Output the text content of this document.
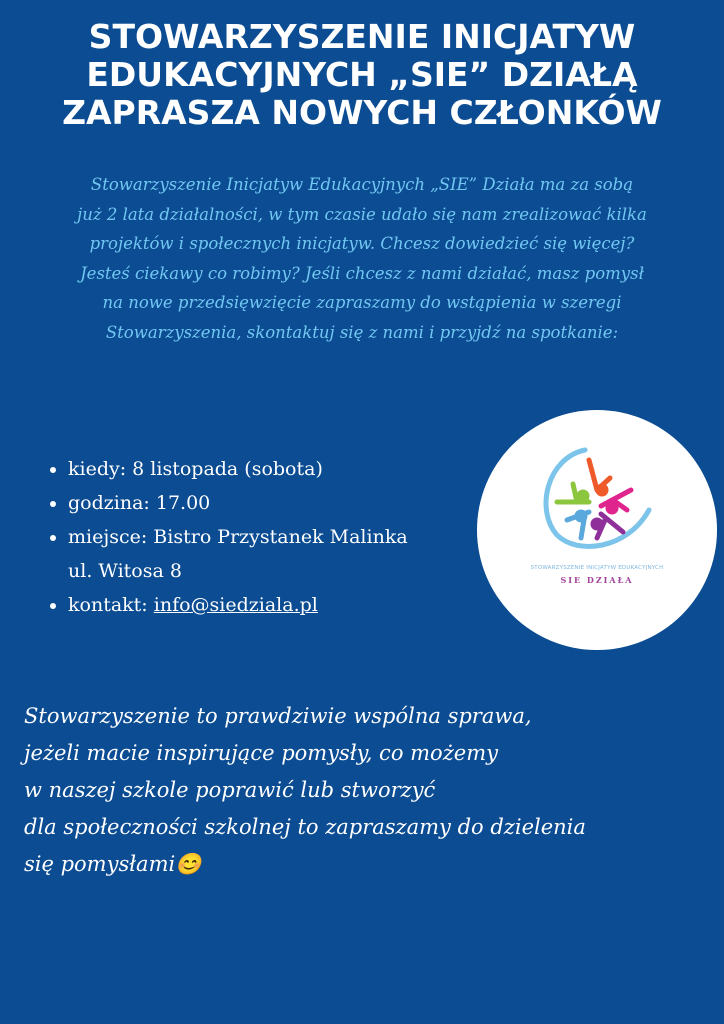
STOWARZYSZENIE INICJATYW
EDUKACYJNYCH „SIE” DZIAŁĄ
ZAPRASZA NOWYCH CZŁONKÓW
Stowarzyszenie Inicjatyw Edukacyjnych „SIE” Działa ma za sobą
już 2 lata działalności, w tym czasie udało się nam zrealizować kilka
projektów i społecznych inicjatyw. Chcesz dowiedzieć się więcej?
Jesteś ciekawy co robimy? Jeśli chcesz z nami działać, masz pomysł
na nowe przedsięwzięcie zapraszamy do wstąpienia w szeregi
Stowarzyszenia, skontaktuj się z nami i przyjdź na spotkanie:
• kiedy: 8 listopada (sobota)
• godzina: 17.00
• miejsce: Bistro Przystanek Malinka
ul. Witosa 8
• kontakt: info@siedziala.pl
STOWARZYSZENIE INICJATYW EDUKACYJNYCH
SIE DZIAŁA
Stowarzyszenie to prawdziwie wspólna sprawa,
jeżeli macie inspirujące pomysły, co możemy
w naszej szkole poprawić lub stworzyć
dla społeczności szkolnej to zapraszamy do dzielenia
się pomysłami😊
